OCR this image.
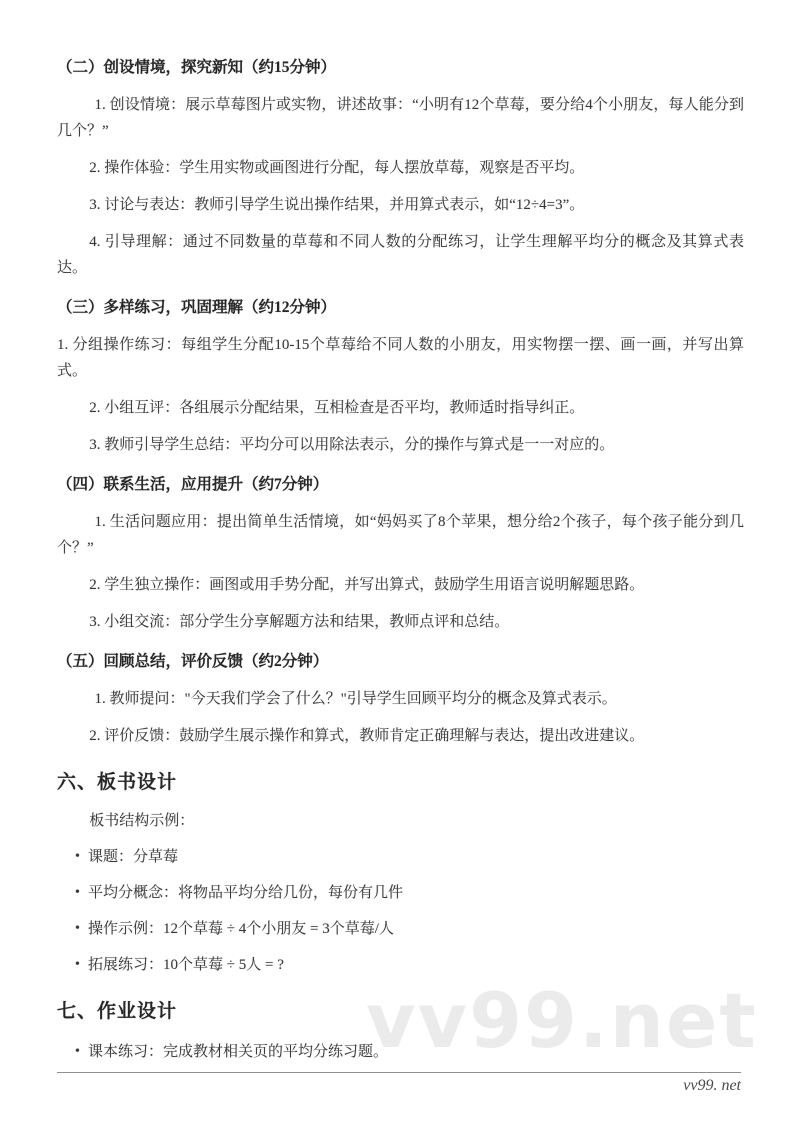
vv99.net
（二）创设情境，探究新知（约15分钟）
1. 创设情境：展示草莓图片或实物，讲述故事：“小明有12个草莓，要分给4个小朋友，每人能分到几个？”
2. 操作体验：学生用实物或画图进行分配，每人摆放草莓，观察是否平均。
3. 讨论与表达：教师引导学生说出操作结果，并用算式表示，如“12÷4=3”。
4. 引导理解：通过不同数量的草莓和不同人数的分配练习，让学生理解平均分的概念及其算式表达。
（三）多样练习，巩固理解（约12分钟）
1. 分组操作练习：每组学生分配10-15个草莓给不同人数的小朋友，用实物摆一摆、画一画，并写出算式。
2. 小组互评：各组展示分配结果，互相检查是否平均，教师适时指导纠正。
3. 教师引导学生总结：平均分可以用除法表示，分的操作与算式是一一对应的。
（四）联系生活，应用提升（约7分钟）
1. 生活问题应用：提出简单生活情境，如“妈妈买了8个苹果，想分给2个孩子，每个孩子能分到几个？”
2. 学生独立操作：画图或用手势分配，并写出算式，鼓励学生用语言说明解题思路。
3. 小组交流：部分学生分享解题方法和结果，教师点评和总结。
（五）回顾总结，评价反馈（约2分钟）
1. 教师提问："今天我们学会了什么？"引导学生回顾平均分的概念及算式表示。
2. 评价反馈：鼓励学生展示操作和算式，教师肯定正确理解与表达，提出改进建议。
六、板书设计
板书结构示例：
• 课题：分草莓
• 平均分概念：将物品平均分给几份，每份有几件
• 操作示例：12个草莓 ÷ 4个小朋友 = 3个草莓/人
• 拓展练习：10个草莓 ÷ 5人 = ?
七、作业设计
• 课本练习：完成教材相关页的平均分练习题。
vv99. net
